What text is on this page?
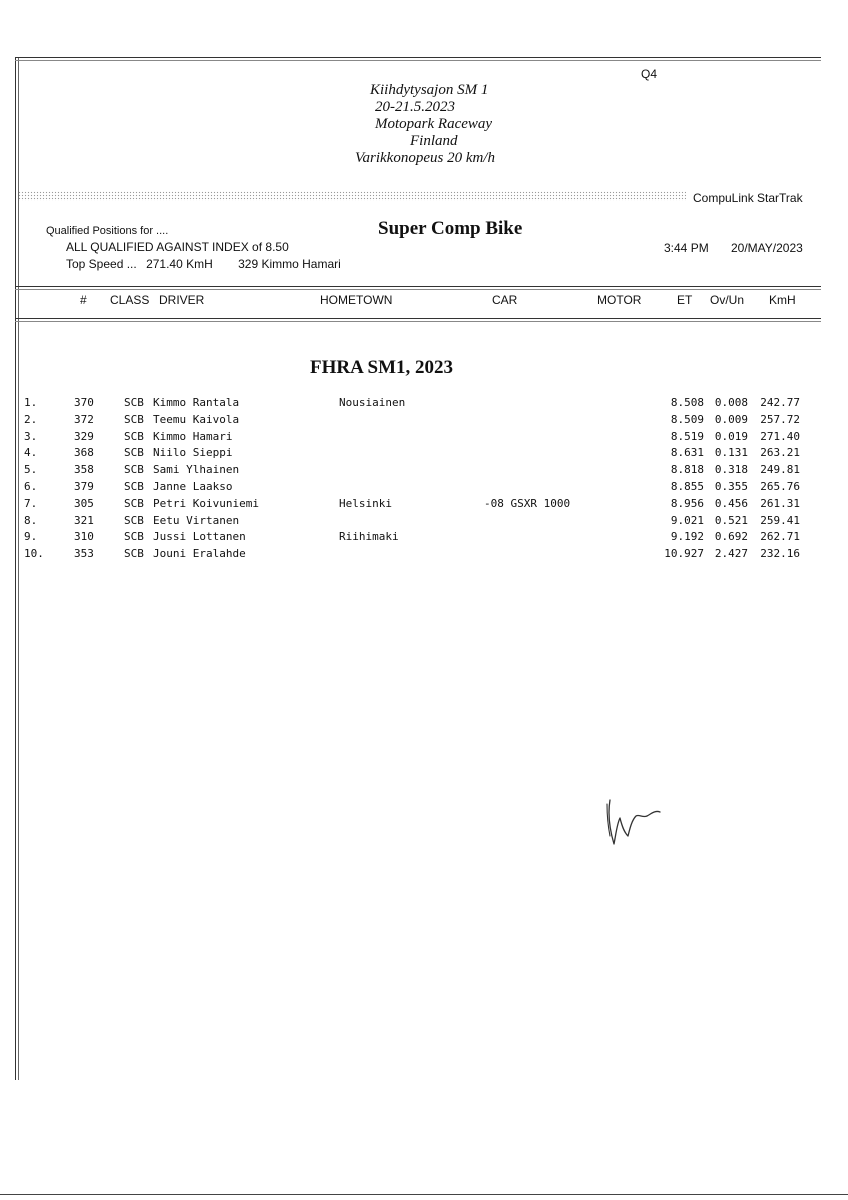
Q4
Kiihdytysajon SM 1
20-21.5.2023
Motopark Raceway
Finland
Varikkonopeus 20 km/h
CompuLink StarTrak
Qualified Positions for ....
ALL QUALIFIED AGAINST INDEX of 8.50
Top Speed ... 271.40 KmH 329 Kimmo Hamari
Super Comp Bike
3:44 PM 20/MAY/2023
# CLASS DRIVER	HOMETOWN	CAR	MOTOR	ET Ov/Un KmH
FHRA SM1, 2023
1.	370	SCB Kimmo Rantala	Nousiainen	8.508 0.008	242.77
2.	372	SCB Teemu Kaivola	8.509 0.009	257.72
3.	329	SCB Kimmo Hamari	8.519 0.019	271.40
4.	368	SCB Niilo Sieppi	8.631 0.131	263.21
5.	358	SCB Sami Ylhainen	8.818 0.318	249.81
6.	379	SCB Janne Laakso	8.855 0.355	265.76
7.	305	SCB Petri Koivuniemi	Helsinki	-08 GSXR 1000	8.956 0.456	261.31
8.	321	SCB Eetu Virtanen	9.021 0.521	259.41
9.	310	SCB Jussi Lottanen	Riihimaki	9.192 0.692	262.71
10.	353	SCB Jouni Eralahde	10.927 2.427	232.16
